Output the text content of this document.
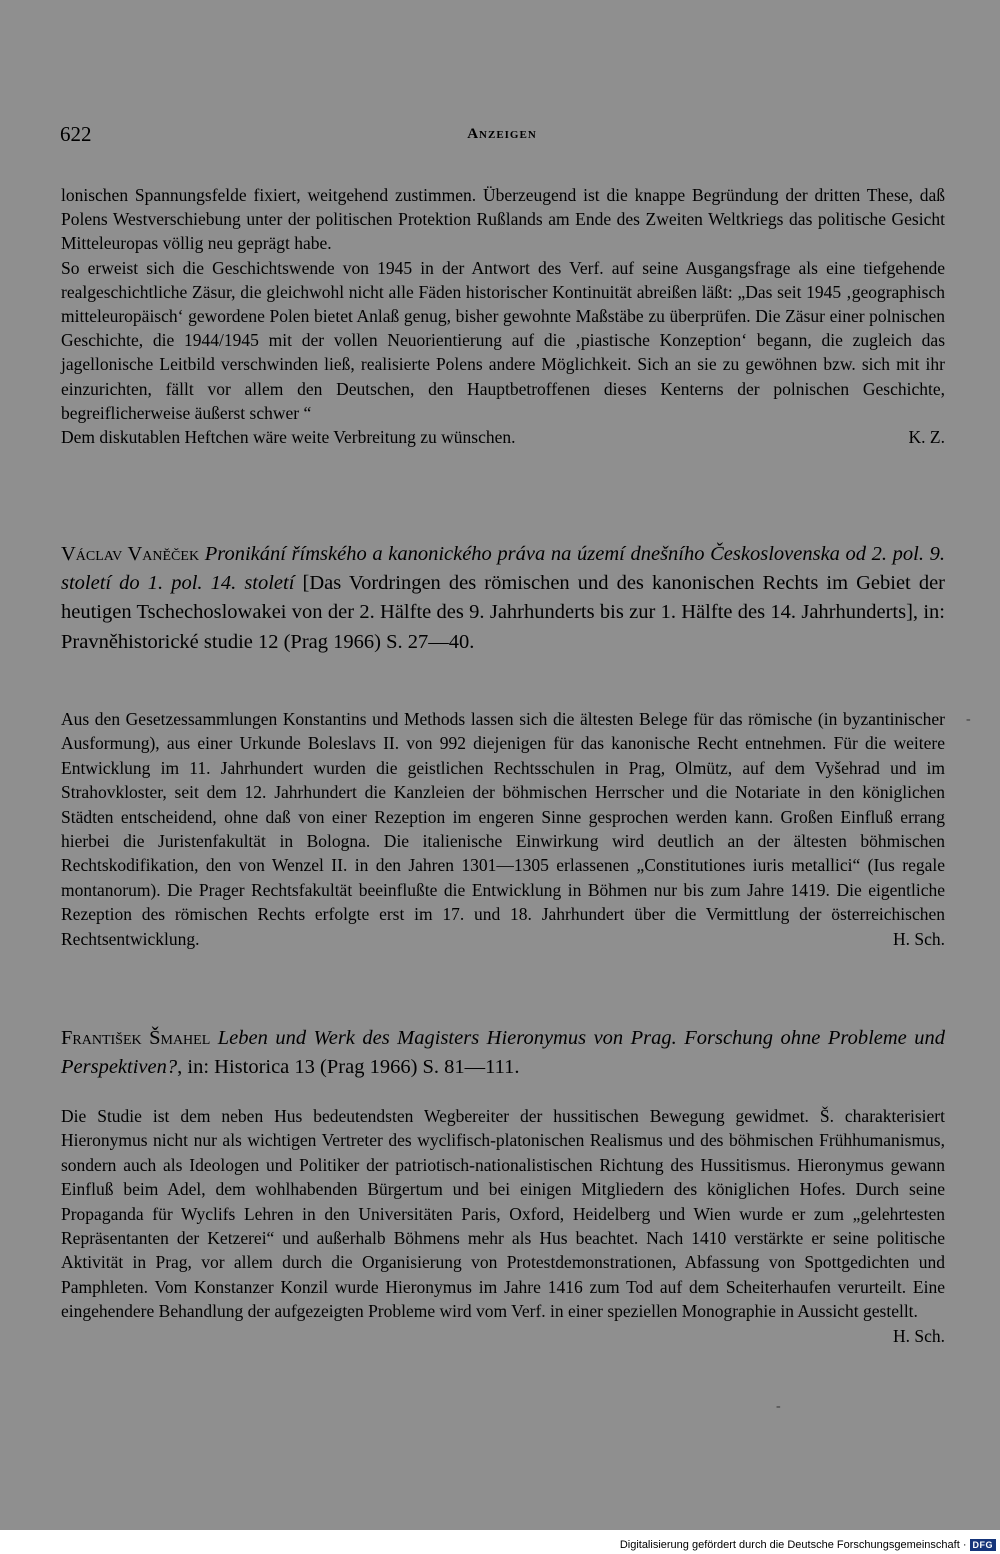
622	Anzeigen

lonischen Spannungsfelde fixiert, weitgehend zustimmen. Überzeugend ist die knappe Begründung der dritten These, daß Polens Westverschiebung unter der politischen Protektion Rußlands am Ende des Zweiten Weltkriegs das politische Gesicht Mitteleuropas völlig neu geprägt habe.

So erweist sich die Geschichtswende von 1945 in der Antwort des Verf. auf seine Ausgangsfrage als eine tiefgehende realgeschichtliche Zäsur, die gleichwohl nicht alle Fäden historischer Kontinuität abreißen läßt: „Das seit 1945 ‚geographisch mitteleuropäisch‘ gewordene Polen bietet Anlaß genug, bisher gewohnte Maßstäbe zu überprüfen. Die Zäsur einer polnischen Geschichte, die 1944/1945 mit der vollen Neuorientierung auf die ‚piastische Konzeption‘ begann, die zugleich das jagellonische Leitbild verschwinden ließ, realisierte Polens andere Möglichkeit. Sich an sie zu gewöhnen bzw. sich mit ihr einzurichten, fällt vor allem den Deutschen, den Hauptbetroffenen dieses Kenterns der polnischen Geschichte, begreiflicherweise äußerst schwer “

Dem diskutablen Heftchen wäre weite Verbreitung zu wünschen.	K. Z.
Václav Vaněček Pronikání římského a kanonického práva na území dnešního Československa od 2. pol. 9. století do 1. pol. 14. století [Das Vordringen des römischen und des kanonischen Rechts im Gebiet der heutigen Tschechoslowakei von der 2. Hälfte des 9. Jahrhunderts bis zur 1. Hälfte des 14. Jahrhunderts], in: Pravněhistorické studie 12 (Prag 1966) S. 27—40.
-
Aus den Gesetzessammlungen Konstantins und Methods lassen sich die ältesten Belege für das römische (in byzantinischer Ausformung), aus einer Urkunde Boleslavs II. von 992 diejenigen für das kanonische Recht entnehmen. Für die weitere Entwicklung im 11. Jahrhundert wurden die geistlichen Rechtsschulen in Prag, Olmütz, auf dem Vyšehrad und im Strahovkloster, seit dem 12. Jahrhundert die Kanzleien der böhmischen Herrscher und die Notariate in den königlichen Städten entscheidend, ohne daß von einer Rezeption im engeren Sinne gesprochen werden kann. Großen Einfluß errang hierbei die Juristenfakultät in Bologna. Die italienische Einwirkung wird deutlich an der ältesten böhmischen Rechtskodifikation, den von Wenzel II. in den Jahren 1301—1305 erlassenen „Constitutiones iuris metallici“ (Ius regale montanorum). Die Prager Rechtsfakultät beeinflußte die Entwicklung in Böhmen nur bis zum Jahre 1419. Die eigentliche Rezeption des römischen Rechts erfolgte erst im 17. und 18. Jahrhundert über die Vermittlung der österreichischen Rechtsentwicklung.	H. Sch.
František Šmahel Leben und Werk des Magisters Hieronymus von Prag. Forschung ohne Probleme und Perspektiven?, in: Historica 13 (Prag 1966) S. 81—111.
Die Studie ist dem neben Hus bedeutendsten Wegbereiter der hussitischen Bewegung gewidmet. Š. charakterisiert Hieronymus nicht nur als wichtigen Vertreter des wyclifisch-platonischen Realismus und des böhmischen Frühhumanismus, sondern auch als Ideologen und Politiker der patriotisch-nationalistischen Richtung des Hussitismus. Hieronymus gewann Einfluß beim Adel, dem wohlhabenden Bürgertum und bei einigen Mitgliedern des königlichen Hofes. Durch seine Propaganda für Wyclifs Lehren in den Universitäten Paris, Oxford, Heidelberg und Wien wurde er zum „gelehrtesten Repräsentanten der Ketzerei“ und außerhalb Böhmens mehr als Hus beachtet. Nach 1410 verstärkte er seine politische Aktivität in Prag, vor allem durch die Organisierung von Protestdemonstrationen, Abfassung von Spottgedichten und Pamphleten. Vom Konstanzer Konzil wurde Hieronymus im Jahre 1416 zum Tod auf dem Scheiterhaufen verurteilt. Eine eingehendere Behandlung der aufgezeigten Probleme wird vom Verf. in einer speziellen Monographie in Aussicht gestellt.
H. Sch.
-
Digitalisierung gefördert durch die Deutsche Forschungsgemeinschaft · DFG
